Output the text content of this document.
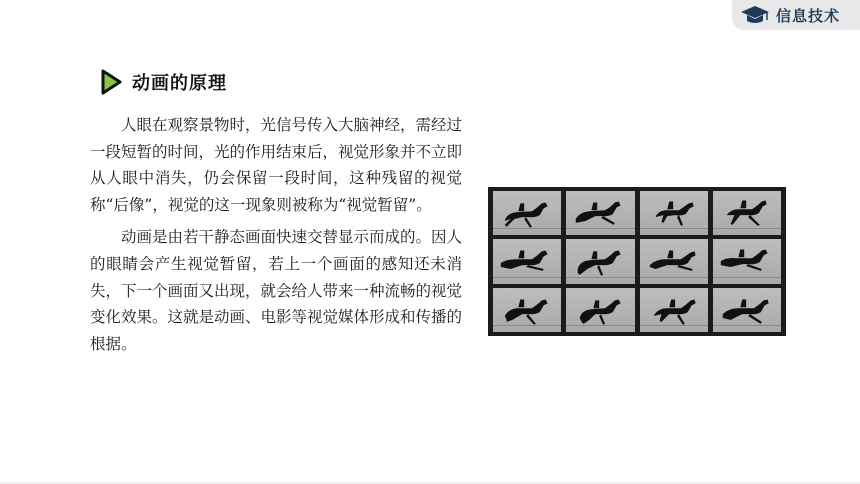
信息技术
动画的原理

人眼在观察景物时，光信号传入大脑神经，需经过一段短暂的时间，光的作用结束后，视觉形象并不立即从人眼中消失，仍会保留一段时间，这种残留的视觉称“后像”，视觉的这一现象则被称为“视觉暂留”。

动画是由若干静态画面快速交替显示而成的。因人的眼睛会产生视觉暂留，若上一个画面的感知还未消失，下一个画面又出现，就会给人带来一种流畅的视觉变化效果。这就是动画、电影等视觉媒体形成和传播的根据。
